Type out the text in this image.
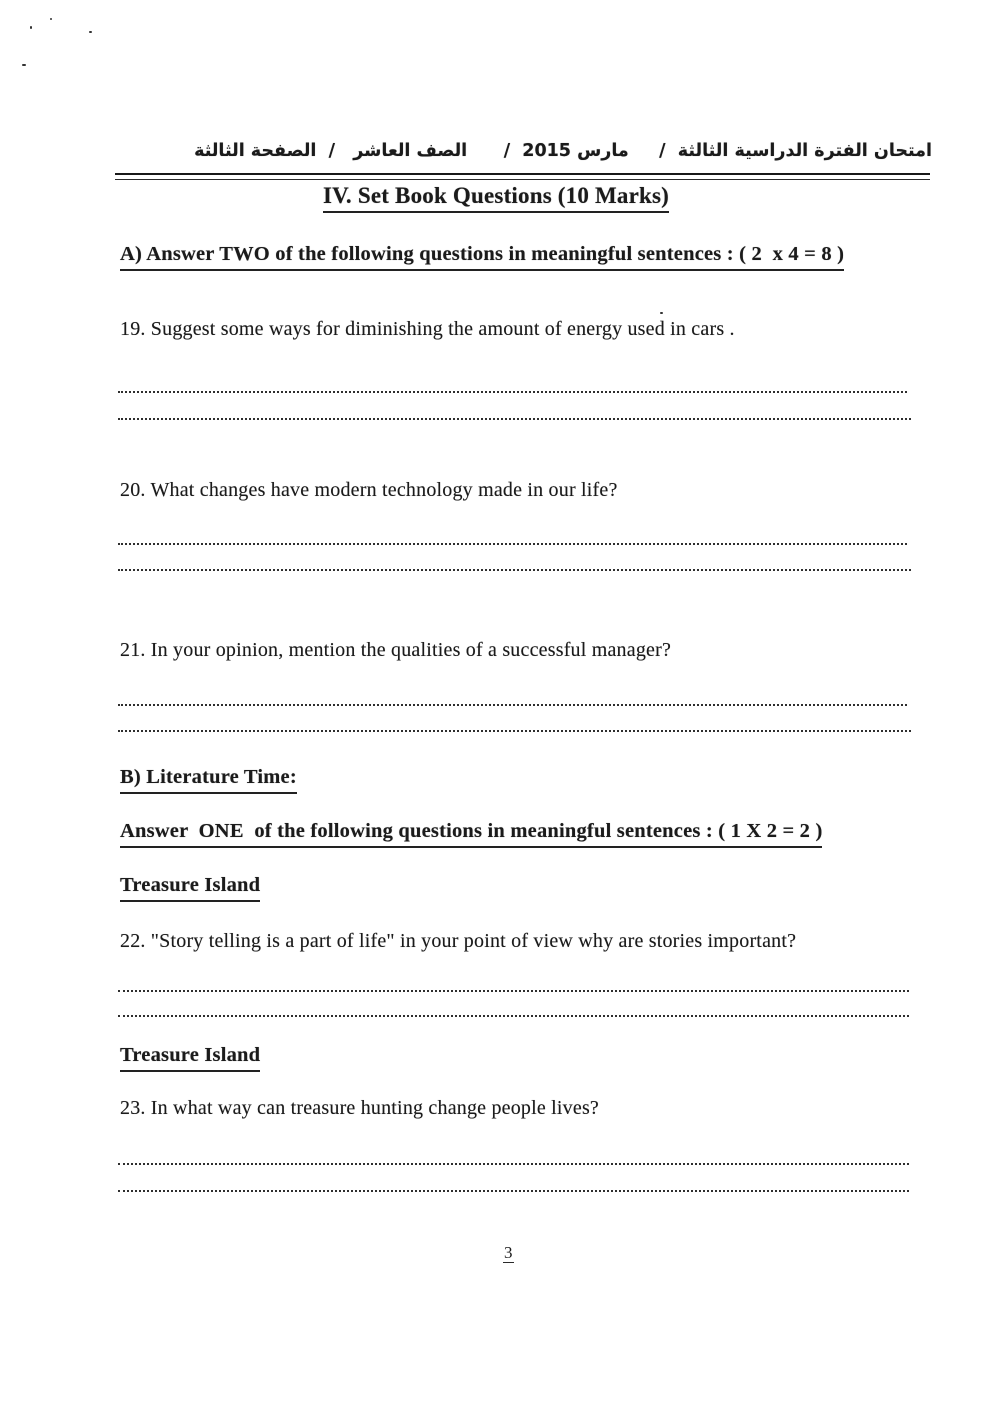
امتحان الفترة الدراسية الثالثة  /     مارس 2015  /      الصف العاشر   /  الصفحة الثالثة
IV. Set Book Questions (10 Marks)
A) Answer TWO of the following questions in meaningful sentences : ( 2  x 4 = 8 )
19. Suggest some ways for diminishing the amount of energy used in cars .
20. What changes have modern technology made in our life?
21. In your opinion, mention the qualities of a successful manager?
B) Literature Time:
Answer  ONE  of the following questions in meaningful sentences : ( 1 X 2 = 2 )
Treasure Island
22. "Story telling is a part of life" in your point of view why are stories important?
Treasure Island
23. In what way can treasure hunting change people lives?
3
